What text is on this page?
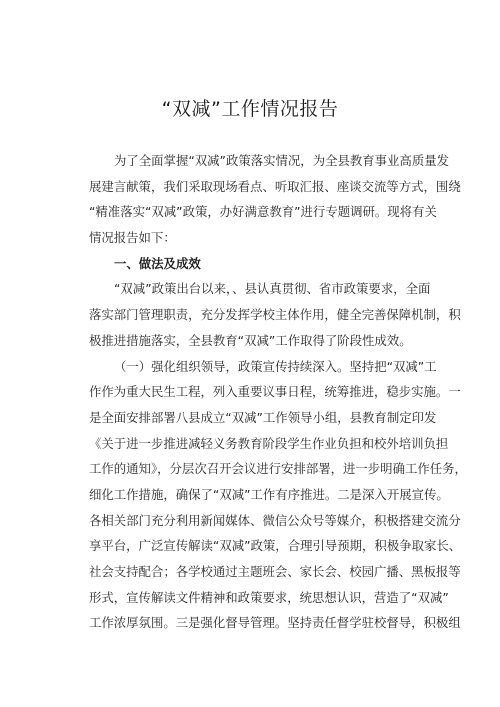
“双减”工作情况报告
为了全面掌握“双减”政策落实情况，为全县教育事业高质量发
展建言献策，我们采取现场看点、听取汇报、座谈交流等方式，围绕
“精准落实“双减”政策，办好满意教育”进行专题调研。现将有关
情况报告如下：
一、做法及成效
“双减”政策出台以来，、县认真贯彻、省市政策要求，全面
落实部门管理职责，充分发挥学校主体作用，健全完善保障机制，积
极推进措施落实，全县教育“双减”工作取得了阶段性成效。
（一）强化组织领导，政策宣传持续深入。坚持把“双减”工
作作为重大民生工程，列入重要议事日程，统筹推进，稳步实施。一
是全面安排部署八县成立“双减”工作领导小组，县教育制定印发
《关于进一步推进减轻义务教育阶段学生作业负担和校外培训负担
工作的通知》，分层次召开会议进行安排部署，进一步明确工作任务，
细化工作措施，确保了“双减”工作有序推进。二是深入开展宣传。
各相关部门充分利用新闻媒体、微信公众号等媒介，积极搭建交流分
享平台，广泛宣传解读“双减”政策，合理引导预期，积极争取家长、
社会支持配合；各学校通过主题班会、家长会、校园广播、黑板报等
形式，宣传解读文件精神和政策要求，统思想认识，营造了“双减”
工作浓厚氛围。三是强化督导管理。坚持责任督学驻校督导，积极组
